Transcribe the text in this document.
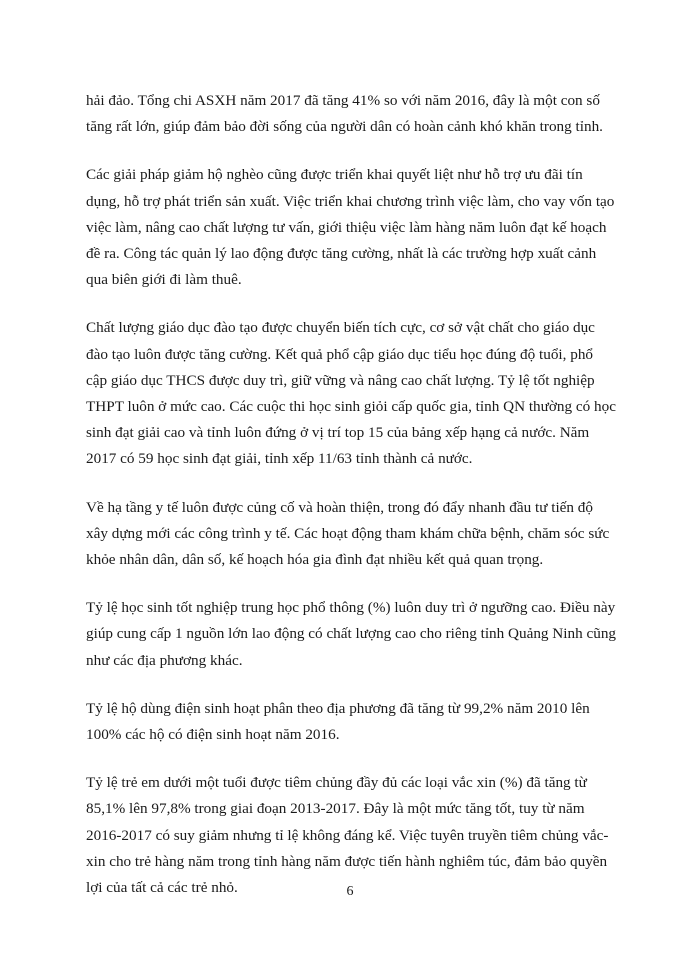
hải đảo. Tổng chi ASXH năm 2017 đã tăng 41% so với năm 2016, đây là một con số tăng rất lớn, giúp đảm bảo đời sống của người dân có hoàn cảnh khó khăn trong tỉnh.

Các giải pháp giảm hộ nghèo cũng được triển khai quyết liệt như hỗ trợ ưu đãi tín dụng, hỗ trợ phát triển sản xuất. Việc triển khai chương trình việc làm, cho vay vốn tạo việc làm, nâng cao chất lượng tư vấn, giới thiệu việc làm hàng năm luôn đạt kế hoạch đề ra. Công tác quản lý lao động được tăng cường, nhất là các trường hợp xuất cảnh qua biên giới đi làm thuê.

Chất lượng giáo dục đào tạo được chuyển biến tích cực, cơ sở vật chất cho giáo dục đào tạo luôn được tăng cường. Kết quả phổ cập giáo dục tiểu học đúng độ tuổi, phổ cập giáo dục THCS được duy trì, giữ vững và nâng cao chất lượng. Tỷ lệ tốt nghiệp THPT luôn ở mức cao. Các cuộc thi học sinh giỏi cấp quốc gia, tỉnh QN thường có học sinh đạt giải cao và tỉnh luôn đứng ở vị trí top 15 của bảng xếp hạng cả nước. Năm 2017 có 59 học sinh đạt giải, tỉnh xếp 11/63 tỉnh thành cả nước.

Về hạ tầng y tế luôn được củng cố và hoàn thiện, trong đó đẩy nhanh đầu tư tiến độ xây dựng mới các công trình y tế. Các hoạt động tham khám chữa bệnh, chăm sóc sức khỏe nhân dân, dân số, kế hoạch hóa gia đình đạt nhiều kết quả quan trọng.

Tỷ lệ học sinh tốt nghiệp trung học phổ thông (%) luôn duy trì ở ngưỡng cao. Điều này giúp cung cấp 1 nguồn lớn lao động có chất lượng cao cho riêng tỉnh Quảng Ninh cũng như các địa phương khác.

Tỷ lệ hộ dùng điện sinh hoạt phân theo địa phương đã tăng từ 99,2% năm 2010 lên 100% các hộ có điện sinh hoạt năm 2016.

Tỷ lệ trẻ em dưới một tuổi được tiêm chủng đầy đủ các loại vắc xin (%) đã tăng từ 85,1% lên 97,8% trong giai đoạn 2013-2017. Đây là một mức tăng tốt, tuy từ năm 2016-2017 có suy giảm nhưng tỉ lệ không đáng kể. Việc tuyên truyền tiêm chủng vắc-xin cho trẻ hàng năm trong tỉnh hàng năm được tiến hành nghiêm túc, đảm bảo quyền lợi của tất cả các trẻ nhỏ.	6
